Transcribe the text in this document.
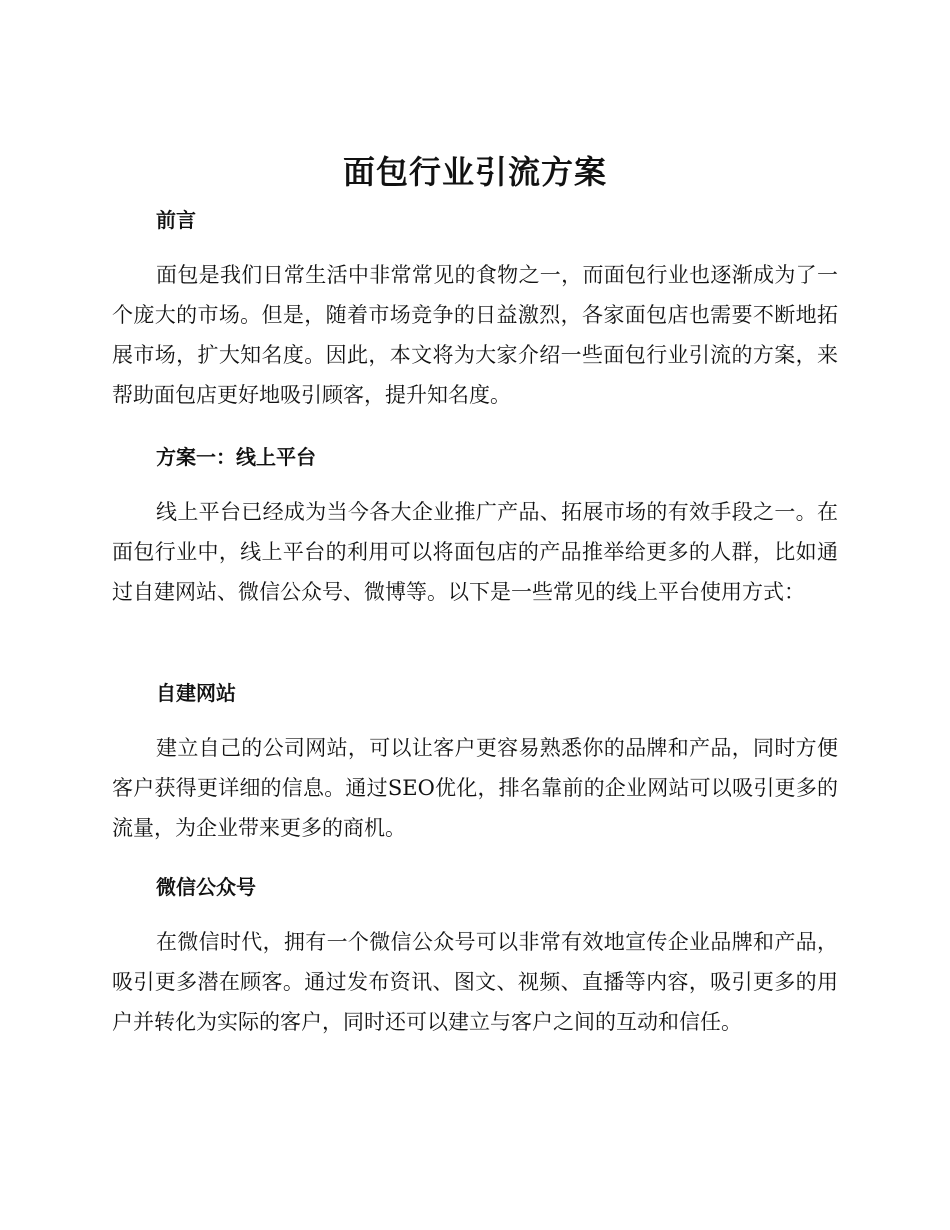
面包行业引流方案
前言

面包是我们日常生活中非常常见的食物之一，而面包行业也逐渐成为了一个庞大的市场。但是，随着市场竞争的日益激烈，各家面包店也需要不断地拓展市场，扩大知名度。因此，本文将为大家介绍一些面包行业引流的方案，来帮助面包店更好地吸引顾客，提升知名度。

方案一：线上平台

线上平台已经成为当今各大企业推广产品、拓展市场的有效手段之一。在面包行业中，线上平台的利用可以将面包店的产品推举给更多的人群，比如通过自建网站、微信公众号、微博等。以下是一些常见的线上平台使用方式：

自建网站

建立自己的公司网站，可以让客户更容易熟悉你的品牌和产品，同时方便客户获得更详细的信息。通过SEO优化，排名靠前的企业网站可以吸引更多的流量，为企业带来更多的商机。

微信公众号

在微信时代，拥有一个微信公众号可以非常有效地宣传企业品牌和产品，吸引更多潜在顾客。通过发布资讯、图文、视频、直播等内容，吸引更多的用户并转化为实际的客户，同时还可以建立与客户之间的互动和信任。
